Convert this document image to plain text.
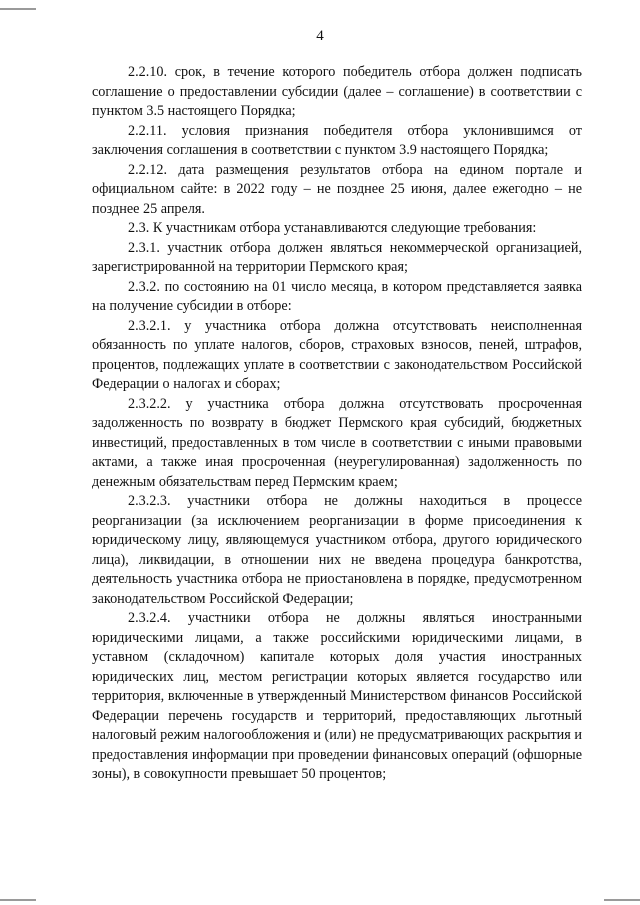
4

2.2.10. срок, в течение которого победитель отбора должен подписать соглашение о предоставлении субсидии (далее – соглашение) в соответствии с пунктом 3.5 настоящего Порядка;

2.2.11. условия признания победителя отбора уклонившимся от заключения соглашения в соответствии с пунктом 3.9 настоящего Порядка;

2.2.12. дата размещения результатов отбора на едином портале и официальном сайте: в 2022 году – не позднее 25 июня, далее ежегодно – не позднее 25 апреля.

2.3. К участникам отбора устанавливаются следующие требования:

2.3.1. участник отбора должен являться некоммерческой организацией, зарегистрированной на территории Пермского края;

2.3.2. по состоянию на 01 число месяца, в котором представляется заявка на получение субсидии в отборе:

2.3.2.1. у участника отбора должна отсутствовать неисполненная обязанность по уплате налогов, сборов, страховых взносов, пеней, штрафов, процентов, подлежащих уплате в соответствии с законодательством Российской Федерации о налогах и сборах;

2.3.2.2. у участника отбора должна отсутствовать просроченная задолженность по возврату в бюджет Пермского края субсидий, бюджетных инвестиций, предоставленных в том числе в соответствии с иными правовыми актами, а также иная просроченная (неурегулированная) задолженность по денежным обязательствам перед Пермским краем;

2.3.2.3. участники отбора не должны находиться в процессе реорганизации (за исключением реорганизации в форме присоединения к юридическому лицу, являющемуся участником отбора, другого юридического лица), ликвидации, в отношении них не введена процедура банкротства, деятельность участника отбора не приостановлена в порядке, предусмотренном законодательством Российской Федерации;

2.3.2.4. участники отбора не должны являться иностранными юридическими лицами, а также российскими юридическими лицами, в уставном (складочном) капитале которых доля участия иностранных юридических лиц, местом регистрации которых является государство или территория, включенные в утвержденный Министерством финансов Российской Федерации перечень государств и территорий, предоставляющих льготный налоговый режим налогообложения и (или) не предусматривающих раскрытия и предоставления информации при проведении финансовых операций (офшорные зоны), в совокупности превышает 50 процентов;
